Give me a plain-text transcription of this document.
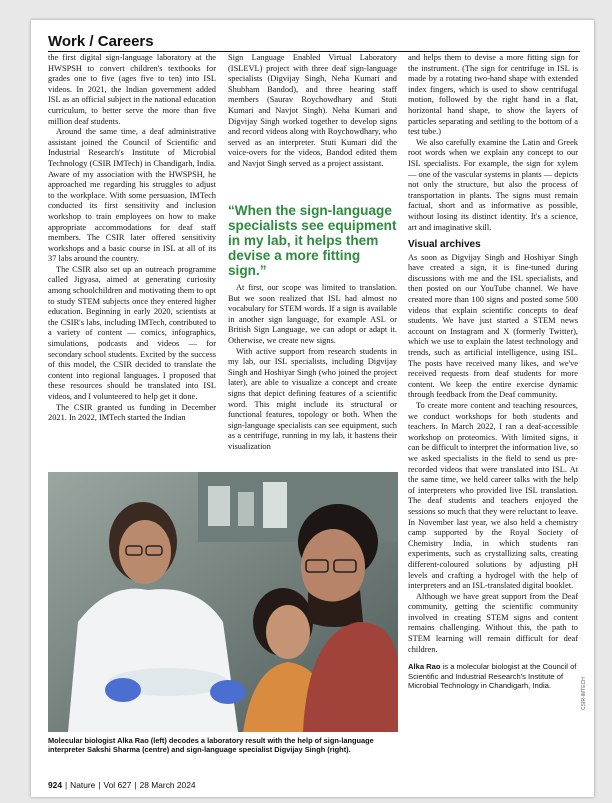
Work / Careers

the first digital sign-language laboratory at the HWSPSH to convert children's textbooks for grades one to five (ages five to ten) into ISL videos. In 2021, the Indian government added ISL as an official subject in the national education curriculum, to better serve the more than five million deaf students.

Around the same time, a deaf administrative assistant joined the Council of Scientific and Industrial Research's Institute of Microbial Technology (CSIR IMTech) in Chandigarh, India. Aware of my association with the HWSPSH, he approached me regarding his struggles to adjust to the workplace. With some persuasion, IMTech conducted its first sensitivity and inclusion workshop to train employees on how to make appropriate accommodations for deaf staff members. The CSIR later offered sensitivity workshops and a basic course in ISL at all of its 37 labs around the country.

The CSIR also set up an outreach programme called Jigyasa, aimed at generating curiosity among schoolchildren and motivating them to opt to study STEM subjects once they entered higher education. Beginning in early 2020, scientists at the CSIR's labs, including IMTech, contributed to a variety of content — comics, infographics, simulations, podcasts and videos — for secondary school students. Excited by the success of this model, the CSIR decided to translate the content into regional languages. I proposed that these resources should be translated into ISL videos, and I volunteered to help get it done.

The CSIR granted us funding in December 2021. In 2022, IMTech started the Indian

Sign Language Enabled Virtual Laboratory (ISLEVL) project with three deaf sign-language specialists (Digvijay Singh, Neha Kumari and Shubham Bandod), and three hearing staff members (Saurav Roychowdhary and Stuti Kumari and Navjot Singh). Neha Kumari and Digvijay Singh worked together to develop signs and record videos along with Roychowdhary, who served as an interpreter. Stuti Kumari did the voice-overs for the videos, Bandod edited them and Navjot Singh served as a project assistant.

“When the sign-language specialists see equipment in my lab, it helps them devise a more fitting sign.”

At first, our scope was limited to translation. But we soon realized that ISL had almost no vocabulary for STEM words. If a sign is available in another sign language, for example ASL or British Sign Language, we can adopt or adapt it. Otherwise, we create new signs.

With active support from research students in my lab, our ISL specialists, including Digvijay Singh and Hoshiyar Singh (who joined the project later), are able to visualize a concept and create signs that depict defining features of a scientific word. This might include its structural or functional features, topology or both. When the sign-language specialists can see equipment, such as a centrifuge, running in my lab, it hastens their visualization

and helps them to devise a more fitting sign for the instrument. (The sign for centrifuge in ISL is made by a rotating two-hand shape with extended index fingers, which is used to show centrifugal motion, followed by the right hand in a flat, horizontal hand shape, to show the layers of particles separating and settling to the bottom of a test tube.)

We also carefully examine the Latin and Greek root words when we explain any concept to our ISL specialists. For example, the sign for xylem — one of the vascular systems in plants — depicts not only the structure, but also the process of transportation in plants. The signs must remain factual, short and as informative as possible, without losing its distinct identity. It's a science, art and imaginative skill.

Visual archives

As soon as Digvijay Singh and Hoshiyar Singh have created a sign, it is fine-tuned during discussions with me and the ISL specialists, and then posted on our YouTube channel. We have created more than 100 signs and posted some 500 videos that explain scientific concepts to deaf students. We have just started a STEM news account on Instagram and X (formerly Twitter), which we use to explain the latest technology and trends, such as artificial intelligence, using ISL. The posts have received many likes, and we've received requests from deaf students for more content. We keep the entire exercise dynamic through feedback from the Deaf community.

To create more content and teaching resources, we conduct workshops for both students and teachers. In March 2022, I ran a deaf-accessible workshop on proteomics. With limited signs, it can be difficult to interpret the information live, so we asked specialists in the field to send us pre-recorded videos that were translated into ISL. At the same time, we held career talks with the help of interpreters who provided live ISL translation. The deaf students and teachers enjoyed the sessions so much that they were reluctant to leave. In November last year, we also held a chemistry camp supported by the Royal Society of Chemistry India, in which students ran experiments, such as crystallizing salts, creating different-coloured solutions by adjusting pH levels and crafting a hydrogel with the help of interpreters and an ISL-translated digital booklet.

Although we have great support from the Deaf community, getting the scientific community involved in creating STEM signs and content remains challenging. Without this, the path to STEM learning will remain difficult for deaf children.

Alka Rao is a molecular biologist at the Council of Scientific and Industrial Research's Institute of Microbial Technology in Chandigarh, India.
Molecular biologist Alka Rao (left) decodes a laboratory result with the help of sign-language interpreter Sakshi Sharma (centre) and sign-language specialist Digvijay Singh (right).
CSIR-IMTECH
924 | Nature | Vol 627 | 28 March 2024
